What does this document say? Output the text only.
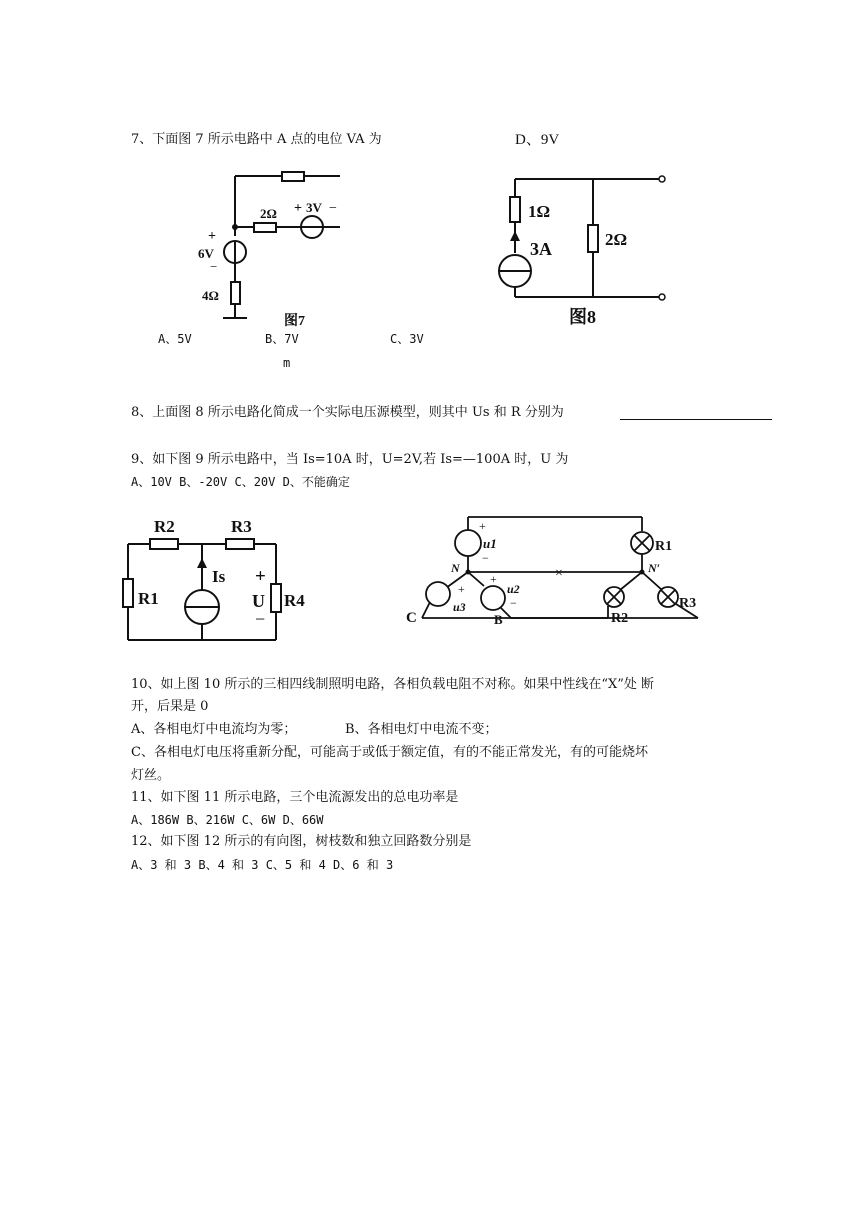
7、下面图 7 所示电路中 A 点的电位 VA 为	D、9V
2Ω + 3V −
+
6V
−
4Ω
图7
A、5V	B、7V	C、3V
m
1Ω
2Ω
3A
图8
8、上面图 8 所示电路化简成一个实际电压源模型，则其中 Us 和 R 分别为
9、如下图 9 所示电路中，当 Is=10A 时，U=2V,若 Is=—100A 时，U 为
A、10V B、-20V C、20V D、不能确定
R2	R3
R1	R4
Is +
U
−
+
u1
−
R1
N	N′
×
+
u3
+
u2
−
C	B	R2
R3
10、如上图 10 所示的三相四线制照明电路，各相负载电阻不对称。如果中性线在“X”处 断
开，后果是 0
A、各相电灯中电流均为零；	B、各相电灯中电流不变；
C、各相电灯电压将重新分配，可能高于或低于额定值，有的不能正常发光，有的可能烧坏
灯丝。
11、如下图 11 所示电路，三个电流源发出的总电功率是
A、186W B、216W C、6W D、66W
12、如下图 12 所示的有向图，树枝数和独立回路数分别是
A、3 和 3 B、4 和 3 C、5 和 4 D、6 和 3
